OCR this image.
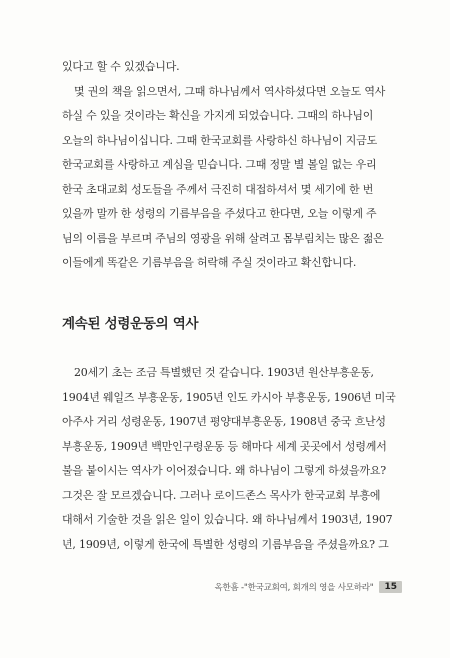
있다고 할 수 있겠습니다.

몇 권의 책을 읽으면서, 그때 하나님께서 역사하셨다면 오늘도 역사
하실 수 있을 것이라는 확신을 가지게 되었습니다. 그때의 하나님이
오늘의 하나님이십니다. 그때 한국교회를 사랑하신 하나님이 지금도
한국교회를 사랑하고 계심을 믿습니다. 그때 정말 별 볼일 없는 우리
한국 초대교회 성도들을 주께서 극진히 대접하셔서 몇 세기에 한 번
있을까 말까 한 성령의 기름부음을 주셨다고 한다면, 오늘 이렇게 주
님의 이름을 부르며 주님의 영광을 위해 살려고 몸부림치는 많은 젊은
이들에게 똑같은 기름부음을 허락해 주실 것이라고 확신합니다.

계속된 성령운동의 역사

20세기 초는 조금 특별했던 것 같습니다. 1903년 원산부흥운동,
1904년 웨일즈 부흥운동, 1905년 인도 카시아 부흥운동, 1906년 미국
아주사 거리 성령운동, 1907년 평양대부흥운동, 1908년 중국 흐난성
부흥운동, 1909년 백만인구령운동 등 해마다 세계 곳곳에서 성령께서
불을 붙이시는 역사가 이어졌습니다. 왜 하나님이 그렇게 하셨을까요?
그것은 잘 모르겠습니다. 그러나 로이드존스 목사가 한국교회 부흥에
대해서 기술한 것을 읽은 일이 있습니다. 왜 하나님께서 1903년, 1907
년, 1909년, 이렇게 한국에 특별한 성령의 기름부음을 주셨을까요? 그

옥한흠 -"한국교회여, 회개의 영을 사모하라"	15
